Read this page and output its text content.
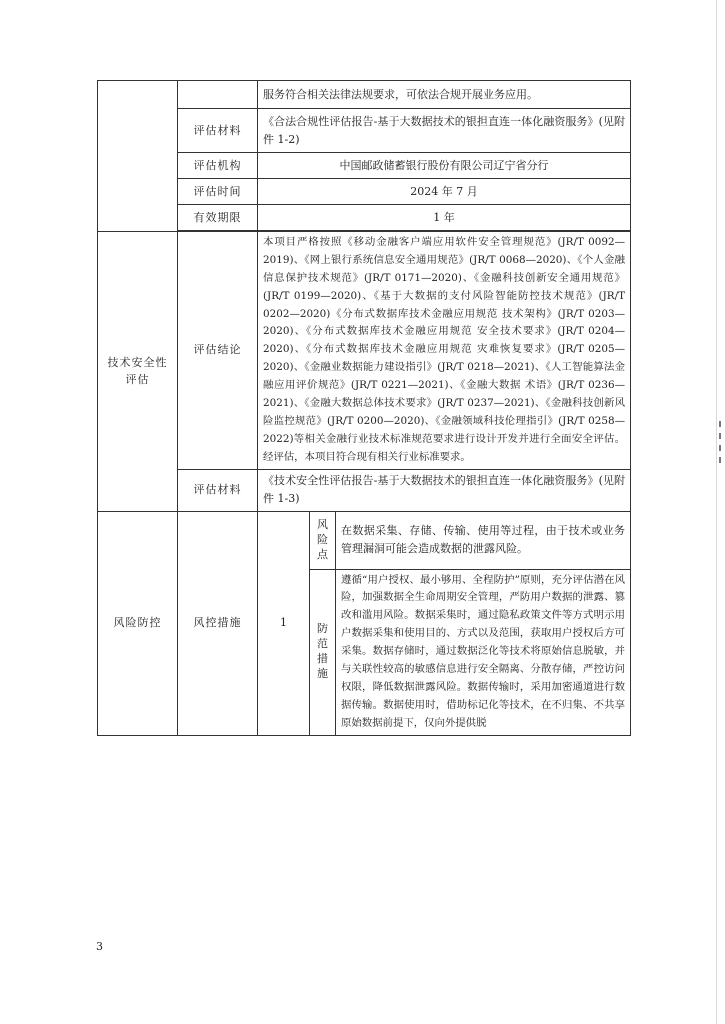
		服务符合相关法律法规要求，可依法合规开展业务应用。		
	评估材料	《合法合规性评估报告-基于大数据技术的银担直连一体化融资服务》(见附件 1-2)		
	评估机构	中国邮政储蓄银行股份有限公司辽宁省分行		
	评估时间	2024 年 7 月		
	有效期限	1 年		

技术安全性评估	评估结论	本项目严格按照《移动金融客户端应用软件安全管理规范》(JR/T 0092—2019)、《网上银行系统信息安全通用规范》(JR/T 0068—2020)、《个人金融信息保护技术规范》(JR/T 0171—2020)、《金融科技创新安全通用规范》(JR/T 0199—2020)、《基于大数据的支付风险智能防控技术规范》(JR/T 0202—2020)《分布式数据库技术金融应用规范 技术架构》(JR/T 0203—2020)、《分布式数据库技术金融应用规范 安全技术要求》(JR/T 0204—2020)、《分布式数据库技术金融应用规范 灾难恢复要求》(JR/T 0205—2020)、《金融业数据能力建设指引》(JR/T 0218—2021)、《人工智能算法金融应用评价规范》(JR/T 0221—2021)、《金融大数据 术语》(JR/T 0236—2021)、《金融大数据总体技术要求》(JR/T 0237—2021)、《金融科技创新风险监控规范》(JR/T 0200—2020)、《金融领域科技伦理指引》(JR/T 0258—2022)等相关金融行业技术标准规范要求进行设计开发并进行全面安全评估。经评估，本项目符合现有相关行业标准要求。		
	评估材料	《技术安全性评估报告-基于大数据技术的银担直连一体化融资服务》(见附件 1-3)		
风险防控	风控措施	1	风险点	在数据采集、存储、传输、使用等过程，由于技术或业务管理漏洞可能会造成数据的泄露风险。
			防范措施	遵循“用户授权、最小够用、全程防护”原则，充分评估潜在风险，加强数据全生命周期安全管理，严防用户数据的泄露、篡改和滥用风险。数据采集时，通过隐私政策文件等方式明示用户数据采集和使用目的、方式以及范围，获取用户授权后方可采集。数据存储时，通过数据泛化等技术将原始信息脱敏，并与关联性较高的敏感信息进行安全隔离、分散存储，严控访问权限，降低数据泄露风险。数据传输时，采用加密通道进行数据传输。数据使用时，借助标记化等技术，在不归集、不共享原始数据前提下，仅向外提供脱
3
